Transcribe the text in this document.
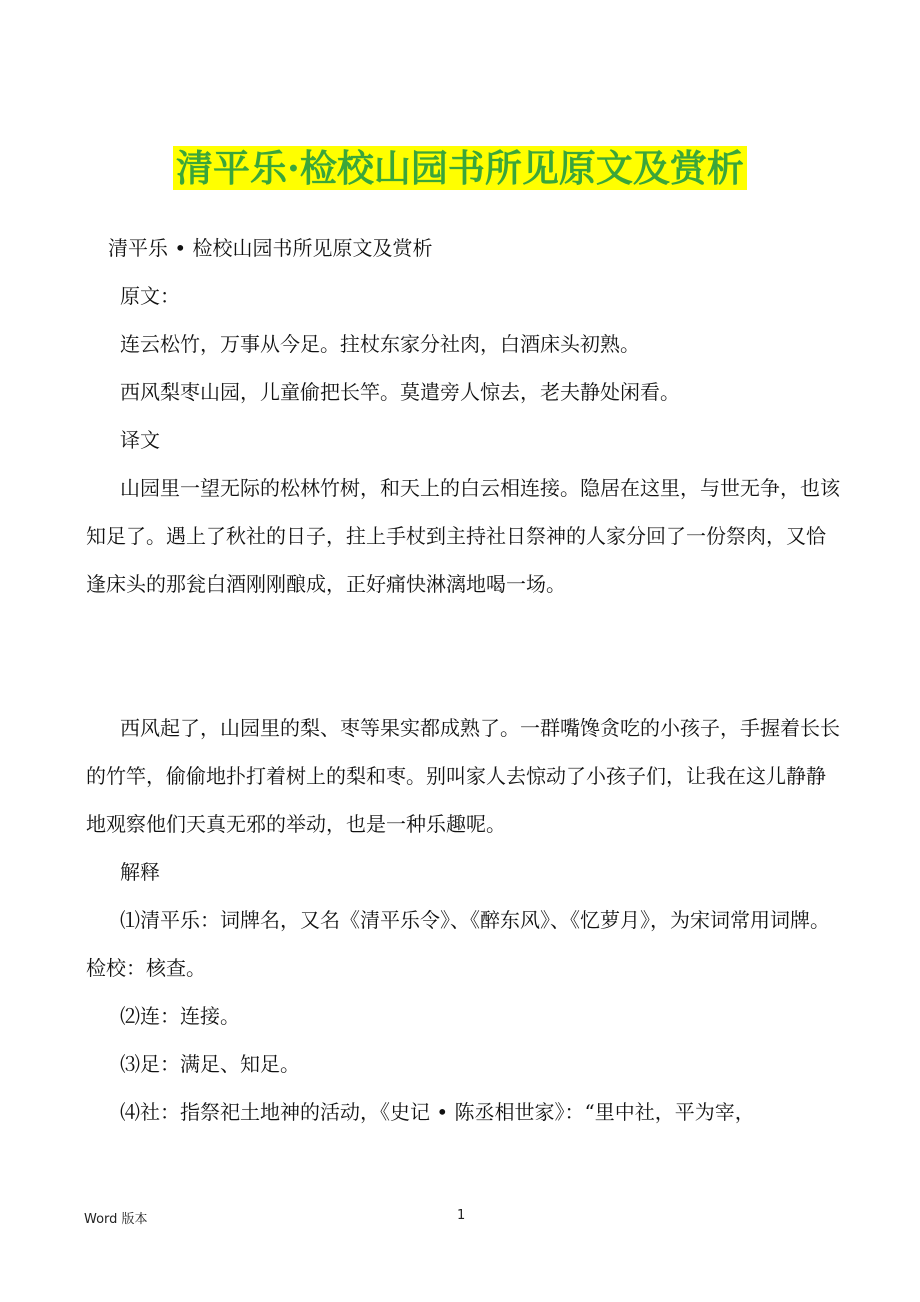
清平乐·检校山园书所见原文及赏析

清平乐 • 检校山园书所见原文及赏析

原文：

连云松竹，万事从今足。拄杖东家分社肉，白酒床头初熟。

西风梨枣山园，儿童偷把长竿。莫遣旁人惊去，老夫静处闲看。

译文

山园里一望无际的松林竹树，和天上的白云相连接。隐居在这里，与世无争，也该知足了。遇上了秋社的日子，拄上手杖到主持社日祭神的人家分回了一份祭肉，又恰逢床头的那瓮白酒刚刚酿成，正好痛快淋漓地喝一场。

西风起了，山园里的梨、枣等果实都成熟了。一群嘴馋贪吃的小孩子，手握着长长的竹竿，偷偷地扑打着树上的梨和枣。别叫家人去惊动了小孩子们，让我在这儿静静地观察他们天真无邪的举动，也是一种乐趣呢。

解释

⑴清平乐：词牌名，又名《清平乐令》、《醉东风》、《忆萝月》，为宋词常用词牌。检校：核查。

⑵连：连接。

⑶足：满足、知足。

⑷社：指祭祀土地神的活动，《史记 • 陈丞相世家》：“里中社，平为宰，

Word 版本	1
